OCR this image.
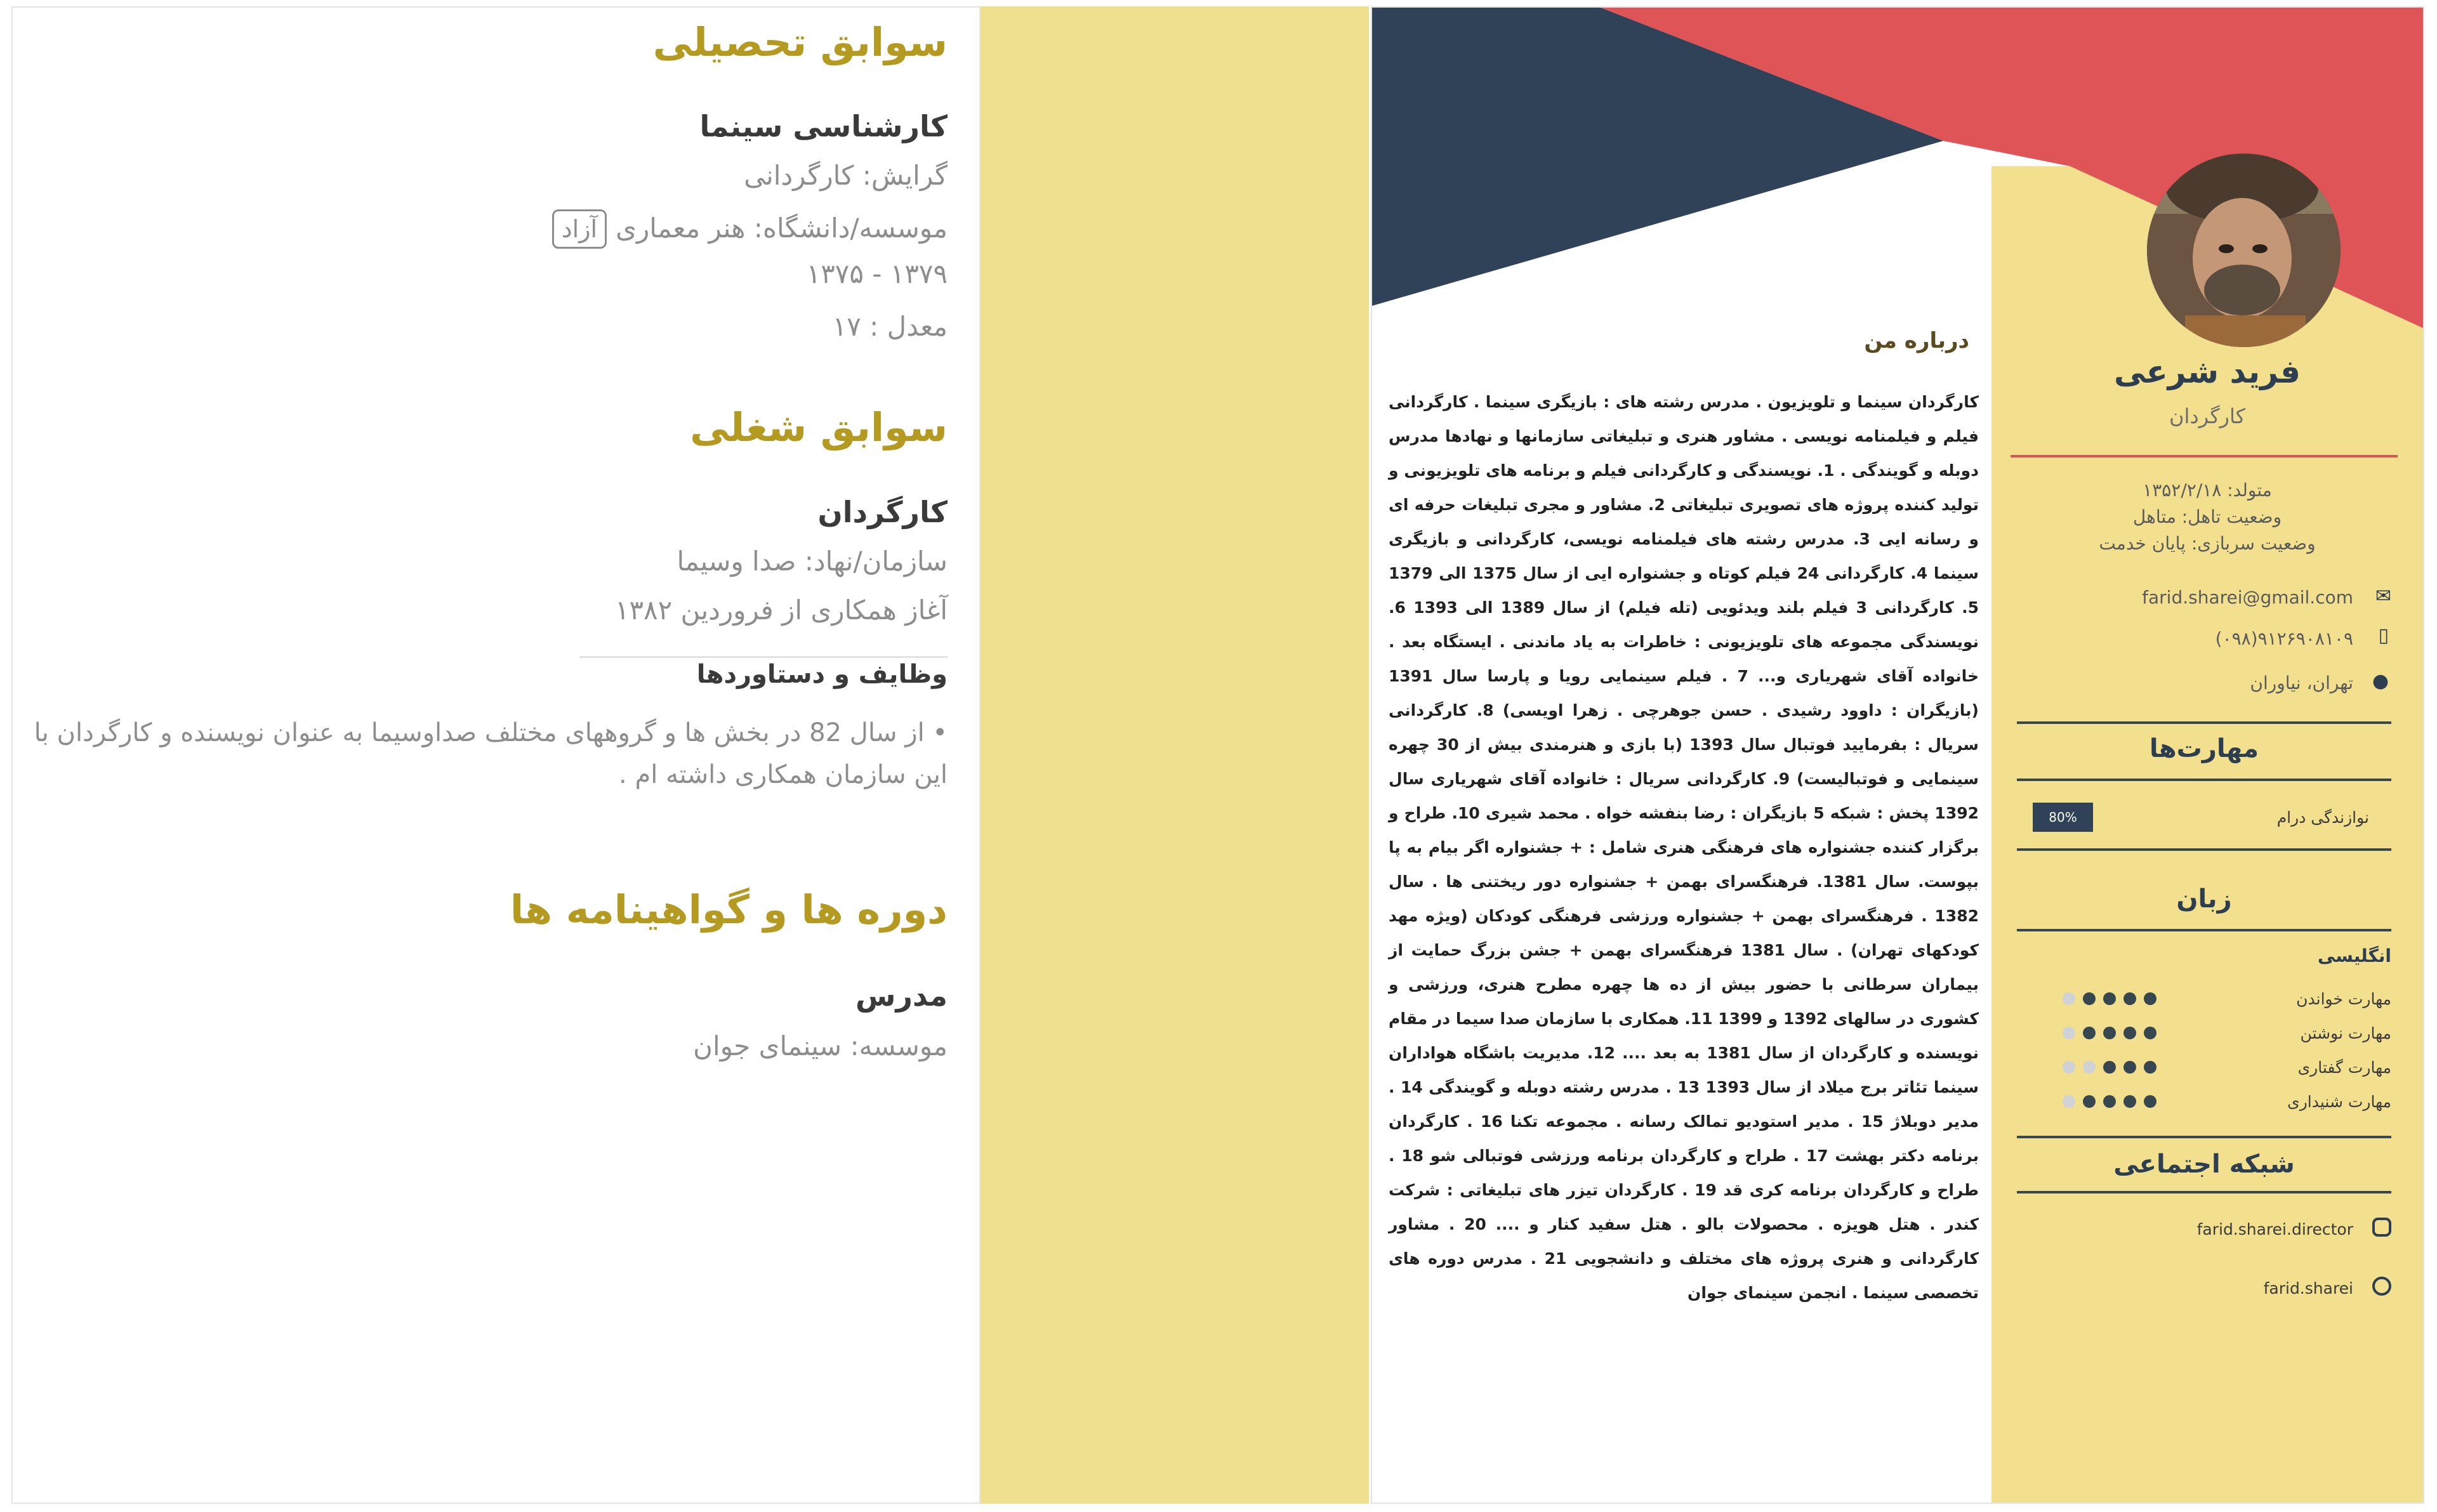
سوابق تحصیلی
کارشناسی سینما
گرایش: کارگردانی
موسسه/دانشگاه: هنر معماریآزاد
۱۳۷۹ - ۱۳۷۵
معدل : ۱۷
سوابق شغلی
کارگردان
سازمان/نهاد: صدا وسیما
آغاز همکاری از فروردین ۱۳۸۲
وظایف و دستاوردها
• از سال 82 در بخش ها و گروههای مختلف صداوسیما به عنوان نویسنده و کارگردان با این سازمان همکاری داشته ام .
دوره ها و گواهینامه ها
مدرس
موسسه: سینمای جوان
فرید شرعی
کارگردان
متولد: ۱۳۵۲/۲/۱۸
وضعیت تاهل: متاهل
وضعیت سربازی: پایان خدمت
✉
farid.sharei@gmail.com
▯
(۰۹۸)۹۱۲۶۹۰۸۱۰۹
●
تهران، نیاوران
مهارت‌ها
نوازندگی درام
80%
زبان
انگلیسی
مهارت خواندن
مهارت نوشتن
مهارت گفتاری
مهارت شنیداری
شبکه اجتماعی
farid.sharei.director
farid.sharei
درباره من
کارگردان سینما و تلویزیون . مدرس رشته های : بازیگری سینما . کارگردانی فیلم و فیلمنامه نویسی . مشاور هنری و تبلیغاتی سازمانها و نهادها مدرس دوبله و گویندگی . 1. نویسندگی و کارگردانی فیلم و برنامه های تلویزیونی و تولید کننده پروژه های تصویری تبلیغاتی 2. مشاور و مجری تبلیغات حرفه ای و رسانه ایی 3. مدرس رشته های فیلمنامه نویسی، کارگردانی و بازیگری سینما 4. کارگردانی 24 فیلم کوتاه و جشنواره ایی از سال 1375 الی 1379 5. کارگردانی 3 فیلم بلند ویدئویی (تله فیلم) از سال 1389 الی 1393 6. نویسندگی مجموعه های تلویزیونی : خاطرات به یاد ماندنی . ایستگاه بعد . خانواده آقای شهریاری و... 7 . فیلم سینمایی رویا و پارسا سال 1391 (بازیگران : داوود رشیدی . حسن جوهرچی . زهرا اویسی) 8. کارگردانی سریال : بفرمایید فوتبال سال 1393 (با بازی و هنرمندی بیش از 30 چهره سینمایی و فوتبالیست) 9. کارگردانی سریال : خانواده آقای شهریاری سال 1392 پخش : شبکه 5 بازیگران : رضا بنفشه خواه . محمد شیری 10. طراح و برگزار کننده جشنواره های فرهنگی هنری شامل : + جشنواره اگر بیام به پا بپوست. سال 1381. فرهنگسرای بهمن + جشنواره دور ریختنی ها . سال 1382 . فرهنگسرای بهمن + جشنواره ورزشی فرهنگی کودکان (ویژه مهد کودکهای تهران) . سال 1381 فرهنگسرای بهمن + جشن بزرگ حمایت از بیماران سرطانی با حضور بیش از ده ها چهره مطرح هنری، ورزشی و کشوری در سالهای 1392 و 1399 11. همکاری با سازمان صدا سیما در مقام نویسنده و کارگردان از سال 1381 به بعد .... 12. مدیریت باشگاه هواداران سینما تئاتر برج میلاد از سال 1393 13 . مدرس رشته دوبله و گویندگی 14 . مدیر دوبلاژ 15 . مدیر استودیو تمالک رسانه . مجموعه تکنا 16 . کارگردان برنامه دکتر بهشت 17 . طراح و کارگردان برنامه ورزشی فوتبالی شو 18 . طراح و کارگردان برنامه کری قد 19 . کارگردان تیزر های تبلیغاتی : شرکت کندر . هتل هویزه . محصولات بالو . هتل سفید کنار و .... 20 . مشاور کارگردانی و هنری پروژه های مختلف و دانشجویی 21 . مدرس دوره های تخصصی سینما . انجمن سینمای جوان
